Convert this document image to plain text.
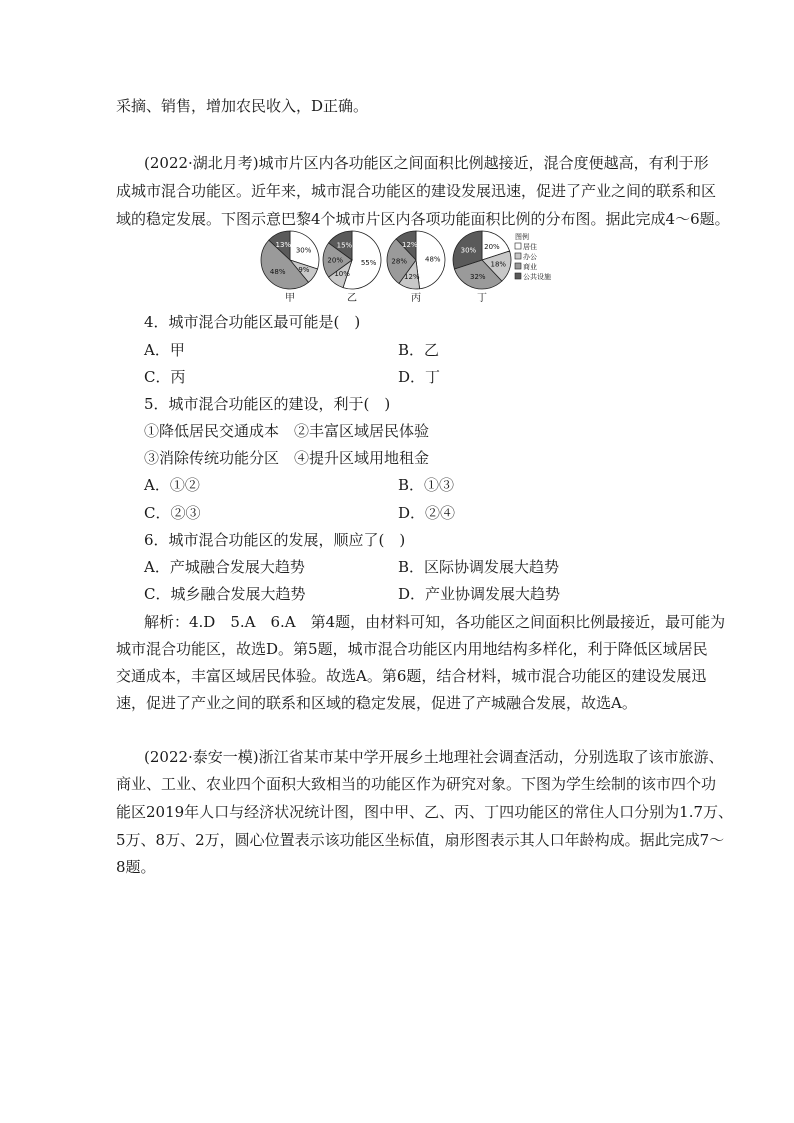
采摘、销售，增加农民收入，D正确。
(2022·湖北月考)城市片区内各功能区之间面积比例越接近，混合度便越高，有利于形
成城市混合功能区。近年来，城市混合功能区的建设发展迅速，促进了产业之间的联系和区
域的稳定发展。下图示意巴黎4个城市片区内各项功能面积比例的分布图。据此完成4～6题。
30%
9%
48%
13%
甲
55%
10%
20%
15%
乙
48%
12%
28%
12%
丙
20%
18%
32%
30%
丁
图例
居住
办公
商业
公共设施
4．城市混合功能区最可能是(　)
A．甲	B．乙
C．丙	D．丁
5．城市混合功能区的建设，利于(　)
①降低居民交通成本　②丰富区域居民体验
③消除传统功能分区　④提升区域用地租金
A．①②	B．①③
C．②③	D．②④
6．城市混合功能区的发展，顺应了(　)
A．产城融合发展大趋势	B．区际协调发展大趋势
C．城乡融合发展大趋势	D．产业协调发展大趋势
解析：4.D　5.A　6.A　第4题，由材料可知，各功能区之间面积比例最接近，最可能为
城市混合功能区，故选D。第5题，城市混合功能区内用地结构多样化，利于降低区域居民
交通成本，丰富区域居民体验。故选A。第6题，结合材料，城市混合功能区的建设发展迅
速，促进了产业之间的联系和区域的稳定发展，促进了产城融合发展，故选A。
(2022·泰安一模)浙江省某市某中学开展乡土地理社会调查活动，分别选取了该市旅游、
商业、工业、农业四个面积大致相当的功能区作为研究对象。下图为学生绘制的该市四个功
能区2019年人口与经济状况统计图，图中甲、乙、丙、丁四功能区的常住人口分别为1.7万、
5万、8万、2万，圆心位置表示该功能区坐标值，扇形图表示其人口年龄构成。据此完成7～
8题。
